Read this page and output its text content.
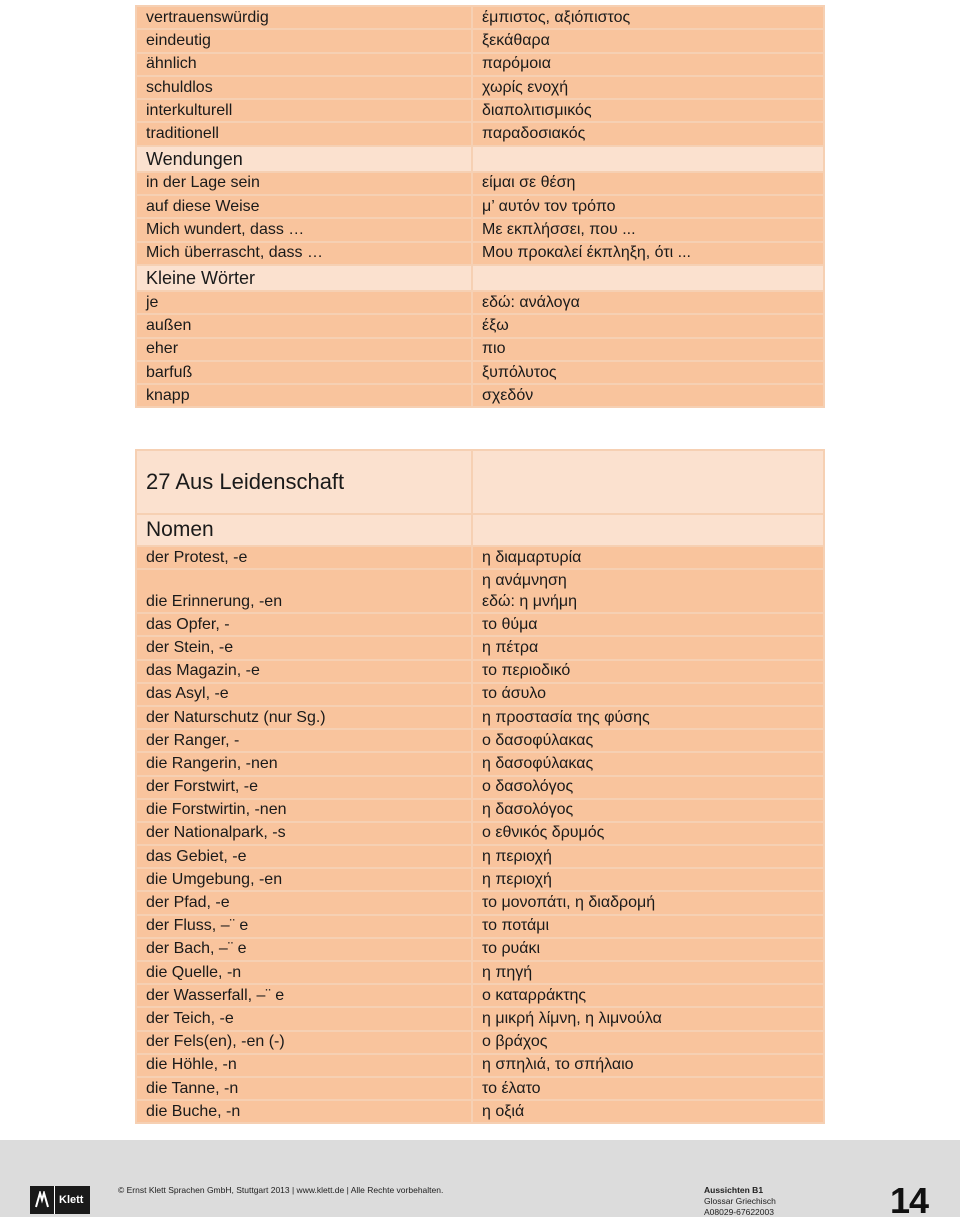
vertrauenswürdig	έμπιστος, αξιόπιστος
eindeutig	ξεκάθαρα
ähnlich	παρόμοια
schuldlos	χωρίς ενοχή
interkulturell	διαπολιτισμικός
traditionell	παραδοσιακός
Wendungen	
in der Lage sein	είμαι σε θέση
auf diese Weise	μ’ αυτόν τον τρόπο
Mich wundert, dass …	Με εκπλήσσει, που ...
Mich überrascht, dass …	Μου προκαλεί έκπληξη, ότι ...
Kleine Wörter	
je	εδώ: ανάλογα
außen	έξω
eher	πιο
barfuß	ξυπόλυτος
knapp	σχεδόν
27 Aus Leidenschaft	
Nomen	
der Protest, -e	η διαμαρτυρία
die Erinnerung, -en	η ανάμνηση
εδώ: η μνήμη
das Opfer, -	το θύμα
der Stein, -e	η πέτρα
das Magazin, -e	το περιοδικό
das Asyl, -e	το άσυλο
der Naturschutz (nur Sg.)	η προστασία της φύσης
der Ranger, -	ο δασοφύλακας
die Rangerin, -nen	η δασοφύλακας
der Forstwirt, -e	ο δασολόγος
die Forstwirtin, -nen	η δασολόγος
der Nationalpark, -s	ο εθνικός δρυμός
das Gebiet, -e	η περιοχή
die Umgebung, -en	η περιοχή
der Pfad, -e	το μονοπάτι, η διαδρομή
der Fluss, –¨ e	το ποτάμι
der Bach, –¨ e	το ρυάκι
die Quelle, -n	η πηγή
der Wasserfall, –¨ e	ο καταρράκτης
der Teich, -e	η μικρή λίμνη, η λιμνούλα
der Fels(en), -en (-)	ο βράχος
die Höhle, -n	η σπηλιά, το σπήλαιο
die Tanne, -n	το έλατο
die Buche, -n	η οξιά
Klett
© Ernst Klett Sprachen GmbH, Stuttgart 2013 | www.klett.de | Alle Rechte vorbehalten.	Aussichten B1
Glossar Griechisch
A08029-67622003	14
